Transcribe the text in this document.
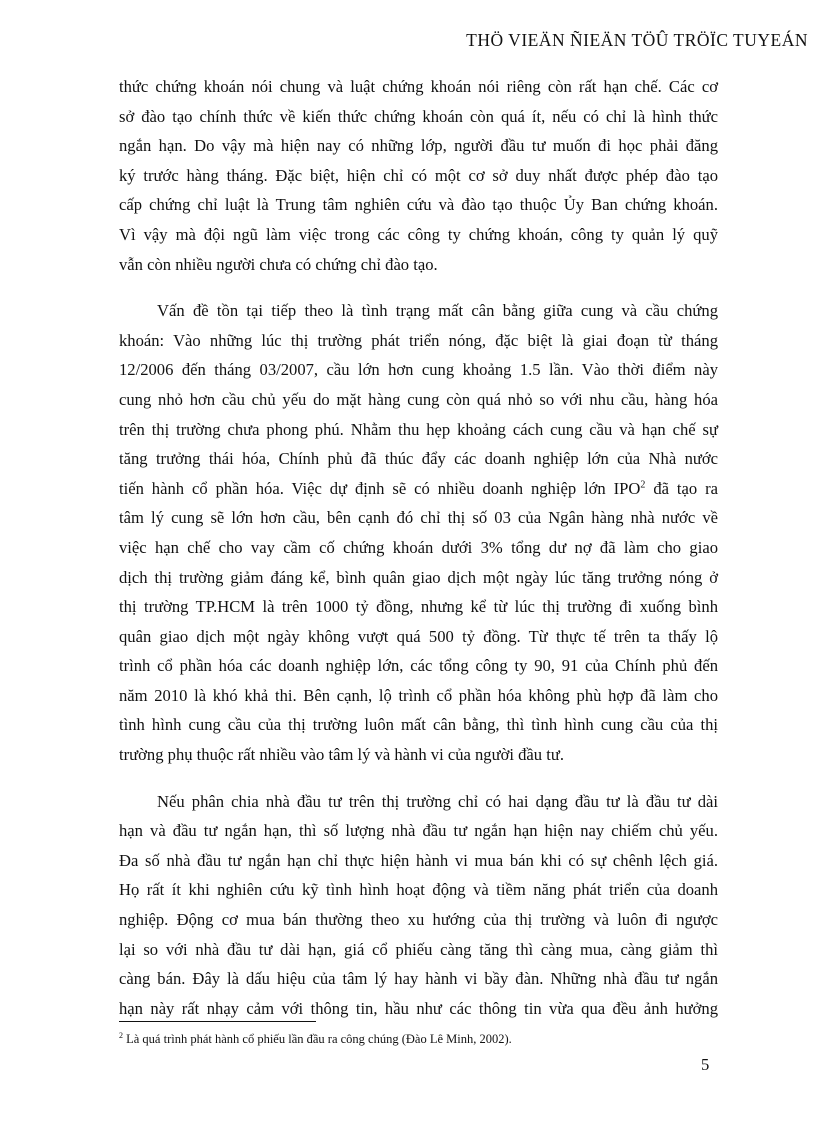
THÖ VIEÄN ÑIEÄN TÖÛ TRÖÏC TUYEÁN
thức chứng khoán nói chung và luật chứng khoán nói riêng còn rất hạn chế. Các cơ
sở đào tạo chính thức về kiến thức chứng khoán còn quá ít, nếu có chỉ là hình thức
ngắn hạn. Do vậy mà hiện nay có những lớp, người đầu tư muốn đi học phải đăng
ký trước hàng tháng. Đặc biệt, hiện chỉ có một cơ sở duy nhất được phép đào tạo
cấp chứng chỉ luật là Trung tâm nghiên cứu và đào tạo thuộc Ủy Ban chứng khoán.
Vì vậy mà đội ngũ làm việc trong các công ty chứng khoán, công ty quản lý quỹ
vẫn còn nhiều người chưa có chứng chỉ đào tạo.
Vấn đề tồn tại tiếp theo là tình trạng mất cân bằng giữa cung và cầu chứng
khoán: Vào những lúc thị trường phát triển nóng, đặc biệt là giai đoạn từ tháng
12/2006 đến tháng 03/2007, cầu lớn hơn cung khoảng 1.5 lần. Vào thời điểm này
cung nhỏ hơn cầu chủ yếu do mặt hàng cung còn quá nhỏ so với nhu cầu, hàng hóa
trên thị trường chưa phong phú. Nhằm thu hẹp khoảng cách cung cầu và hạn chế sự
tăng trưởng thái hóa, Chính phủ đã thúc đẩy các doanh nghiệp lớn của Nhà nước
tiến hành cổ phần hóa. Việc dự định sẽ có nhiều doanh nghiệp lớn IPO$^2$ đã tạo ra
tâm lý cung sẽ lớn hơn cầu, bên cạnh đó chỉ thị số 03 của Ngân hàng nhà nước về
việc hạn chế cho vay cầm cố chứng khoán dưới 3% tổng dư nợ đã làm cho giao
dịch thị trường giảm đáng kể, bình quân giao dịch một ngày lúc tăng trưởng nóng ở
thị trường TP.HCM là trên 1000 tỷ đồng, nhưng kể từ lúc thị trường đi xuống bình
quân giao dịch một ngày không vượt quá 500 tỷ đồng. Từ thực tế trên ta thấy lộ
trình cổ phần hóa các doanh nghiệp lớn, các tổng công ty 90, 91 của Chính phủ đến
năm 2010 là khó khả thi. Bên cạnh, lộ trình cổ phần hóa không phù hợp đã làm cho
tình hình cung cầu của thị trường luôn mất cân bằng, thì tình hình cung cầu của thị
trường phụ thuộc rất nhiều vào tâm lý và hành vi của người đầu tư.
Nếu phân chia nhà đầu tư trên thị trường chỉ có hai dạng đầu tư là đầu tư dài
hạn và đầu tư ngắn hạn, thì số lượng nhà đầu tư ngắn hạn hiện nay chiếm chủ yếu.
Đa số nhà đầu tư ngắn hạn chỉ thực hiện hành vi mua bán khi có sự chênh lệch giá.
Họ rất ít khi nghiên cứu kỹ tình hình hoạt động và tiềm năng phát triển của doanh
nghiệp. Động cơ mua bán thường theo xu hướng của thị trường và luôn đi ngược
lại so với nhà đầu tư dài hạn, giá cổ phiếu càng tăng thì càng mua, càng giảm thì
càng bán. Đây là dấu hiệu của tâm lý hay hành vi bầy đàn. Những nhà đầu tư ngắn
hạn này rất nhạy cảm với thông tin, hầu như các thông tin vừa qua đều ảnh hưởng
$^2$ Là quá trình phát hành cổ phiếu lần đầu ra công chúng (Đào Lê Minh, 2002).
5
